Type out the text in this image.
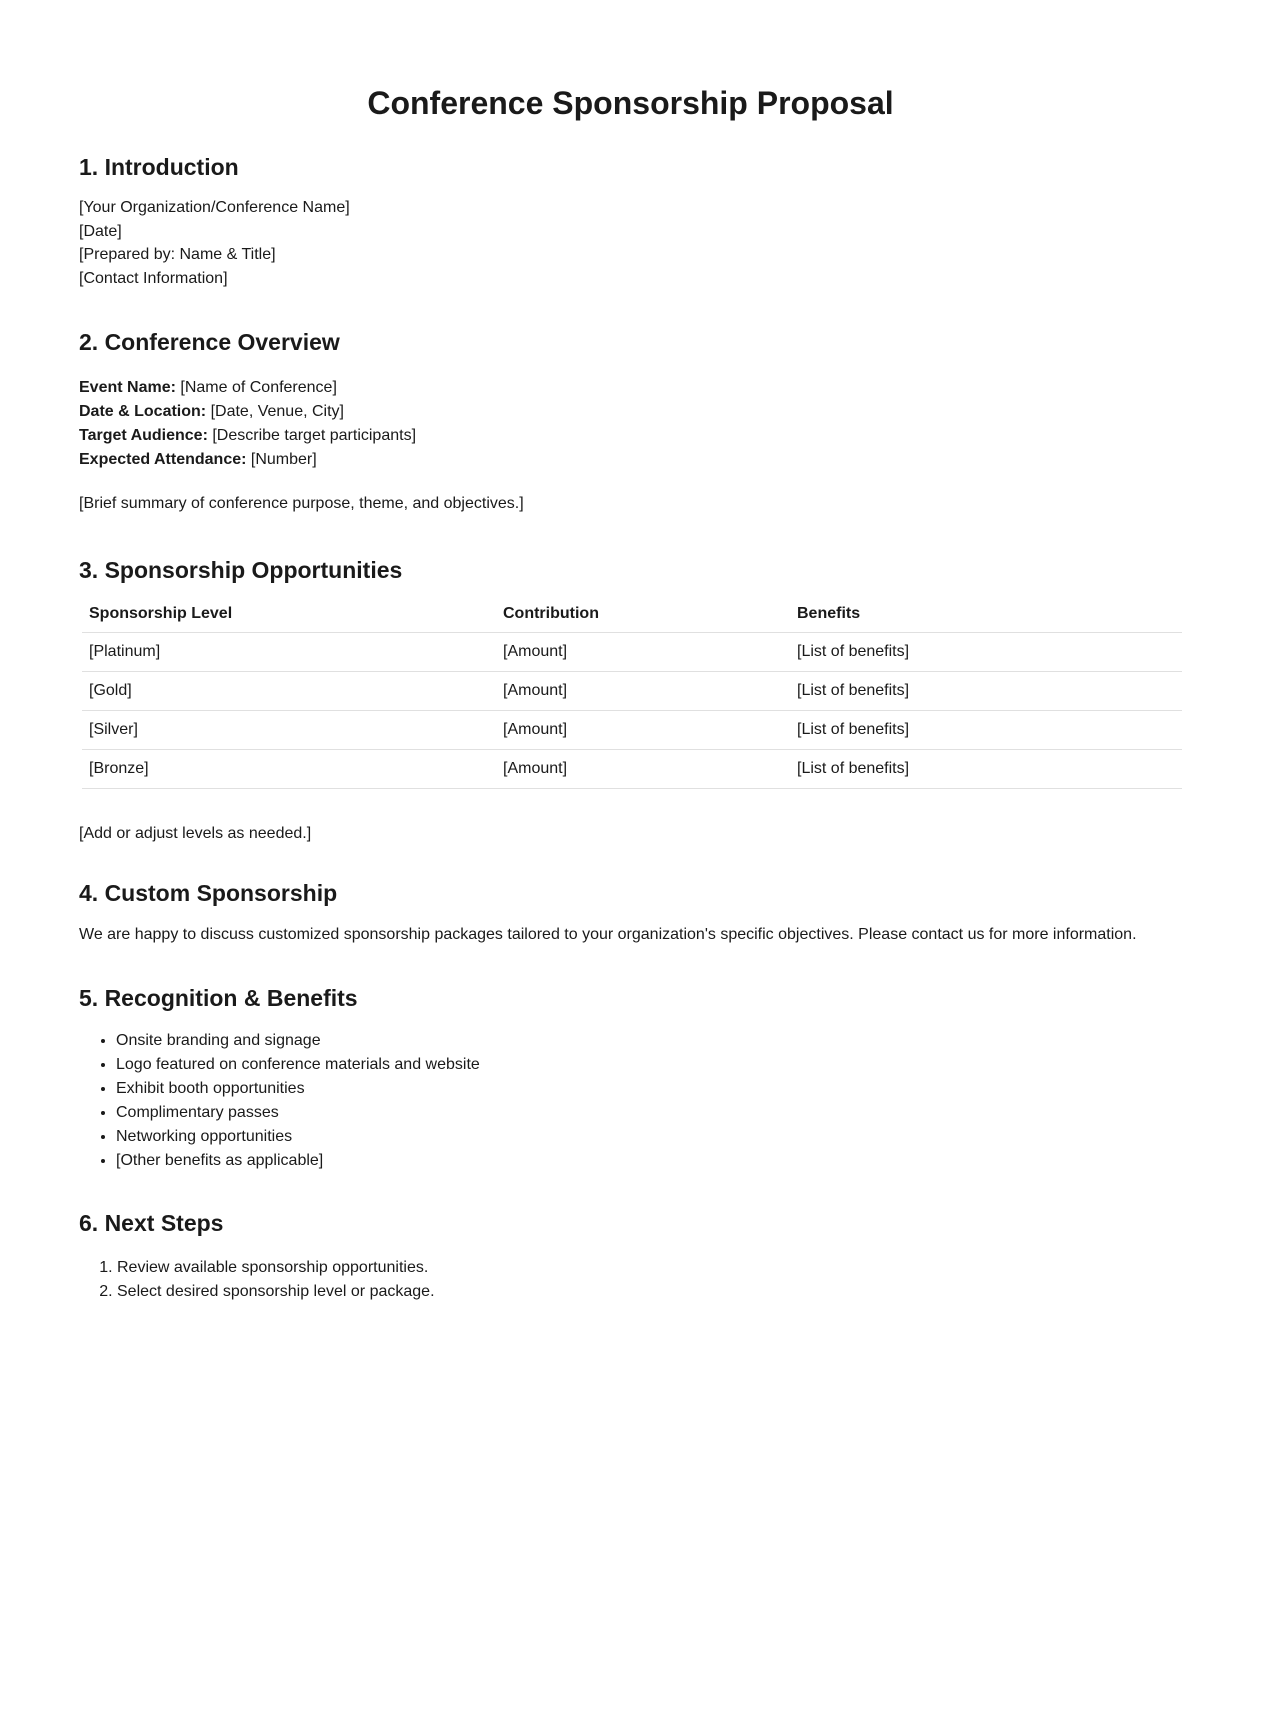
Conference Sponsorship Proposal
1. Introduction
[Your Organization/Conference Name]
[Date]
[Prepared by: Name & Title]
[Contact Information]
2. Conference Overview
Event Name: [Name of Conference]
Date & Location: [Date, Venue, City]
Target Audience: [Describe target participants]
Expected Attendance: [Number]

[Brief summary of conference purpose, theme, and objectives.]

3. Sponsorship Opportunities
Sponsorship Level	Contribution	Benefits
[Platinum]	[Amount]	[List of benefits]
[Gold]	[Amount]	[List of benefits]
[Silver]	[Amount]	[List of benefits]
[Bronze]	[Amount]	[List of benefits]

[Add or adjust levels as needed.]

4. Custom Sponsorship

We are happy to discuss customized sponsorship packages tailored to your organization's specific objectives. Please contact us for more information.

5. Recognition & Benefits
• Onsite branding and signage
• Logo featured on conference materials and website
• Exhibit booth opportunities
• Complimentary passes
• Networking opportunities
• [Other benefits as applicable]
6. Next Steps
1. Review available sponsorship opportunities.
2. Select desired sponsorship level or package.
